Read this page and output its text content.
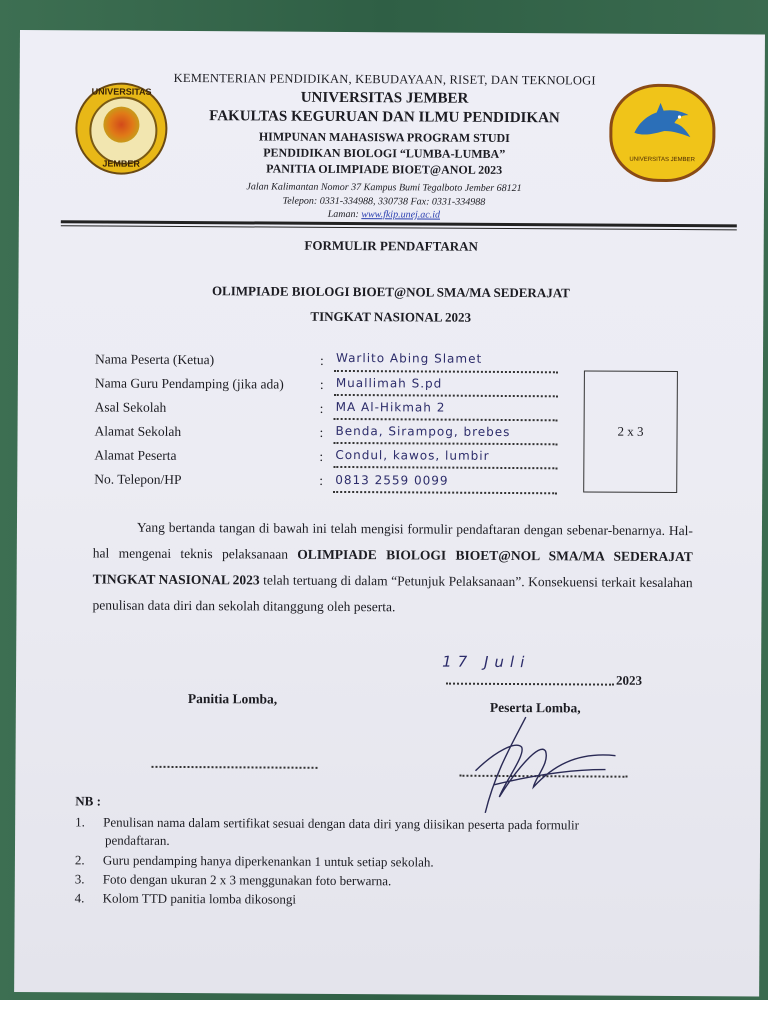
UNIVERSITAS
JEMBER	UNIVERSITAS JEMBER
KEMENTERIAN PENDIDIKAN, KEBUDAYAAN, RISET, DAN TEKNOLOGI
UNIVERSITAS JEMBER
FAKULTAS KEGURUAN DAN ILMU PENDIDIKAN
HIMPUNAN MAHASISWA PROGRAM STUDI
PENDIDIKAN BIOLOGI “LUMBA-LUMBA”
PANITIA OLIMPIADE BIOET@ANOL 2023
Jalan Kalimantan Nomor 37 Kampus Bumi Tegalboto Jember 68121
Telepon: 0331-334988, 330738 Fax: 0331-334988
Laman: www.fkip.unej.ac.id
FORMULIR PENDAFTARAN
OLIMPIADE BIOLOGI BIOET@NOL SMA/MA SEDERAJAT
TINGKAT NASIONAL 2023
Nama Peserta (Ketua)	: Warlito Abing Slamet
Nama Guru Pendamping (jika ada)	: Muallimah S.pd
Asal Sekolah	: MA Al-Hikmah 2
Alamat Sekolah	: Benda, Sirampog, brebes
Alamat Peserta	: Condul, kawos, lumbir
No. Telepon/HP	: 0813 2559 0099
2 x 3
Yang bertanda tangan di bawah ini telah mengisi formulir pendaftaran dengan sebenar-benarnya. Hal-hal mengenai teknis pelaksanaan OLIMPIADE BIOLOGI BIOET@NOL SMA/MA SEDERAJAT TINGKAT NASIONAL 2023 telah tertuang di dalam “Petunjuk Pelaksanaan”. Konsekuensi terkait kesalahan penulisan data diri dan sekolah ditanggung oleh peserta.
17 Juli
2023
Panitia Lomba,
Peserta Lomba,
NB :
1. Penulisan nama dalam sertifikat sesuai dengan data diri yang diisikan peserta pada formulir
pendaftaran.
2. Guru pendamping hanya diperkenankan 1 untuk setiap sekolah.
3. Foto dengan ukuran 2 x 3 menggunakan foto berwarna.
4. Kolom TTD panitia lomba dikosongi
